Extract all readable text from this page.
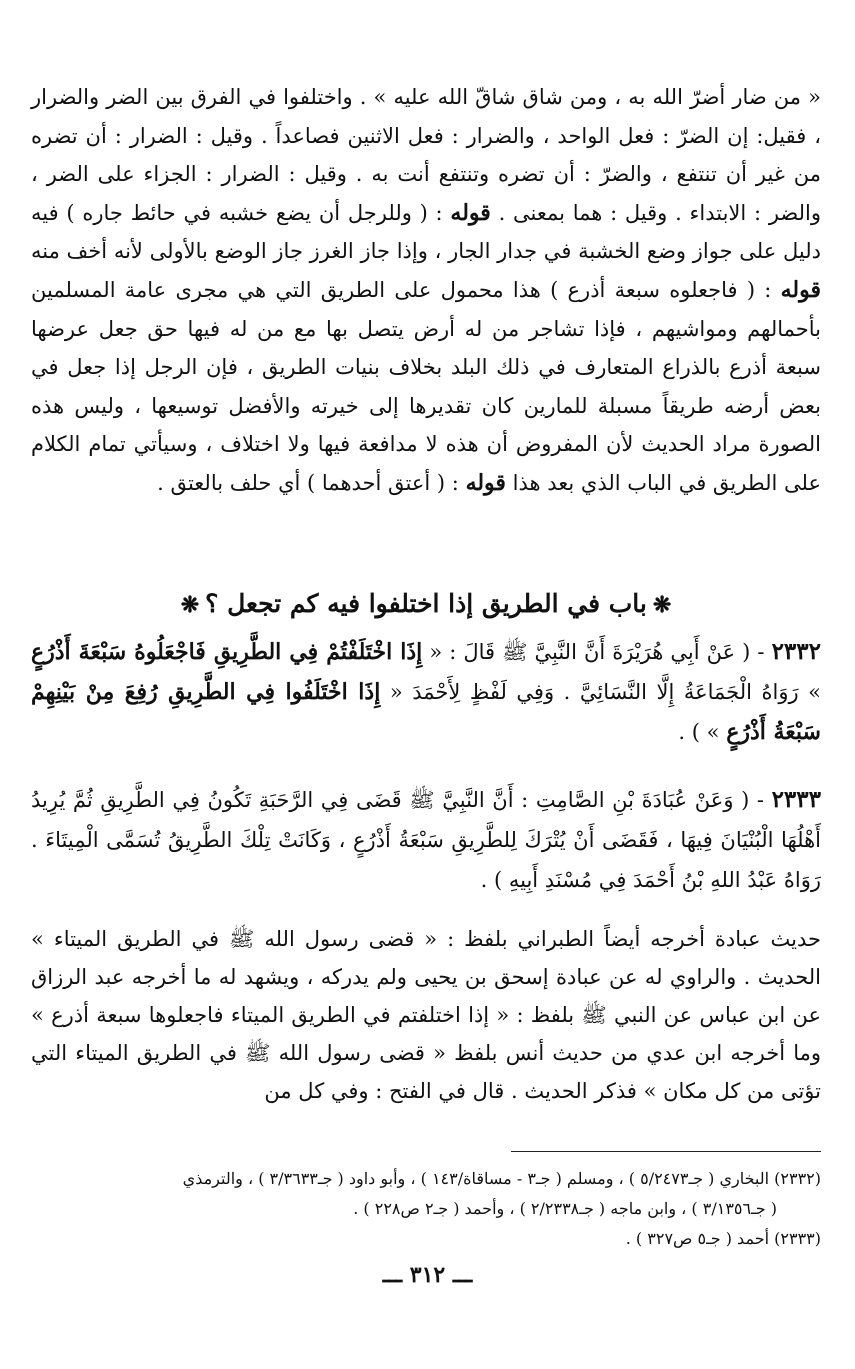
« من ضار أضرّ الله به ، ومن شاق شاقّ الله عليه » . واختلفوا في الفرق بين الضر والضرار ، فقيل: إن الضرّ : فعل الواحد ، والضرار : فعل الاثنين فصاعداً . وقيل : الضرار : أن تضره من غير أن تنتفع ، والضرّ : أن تضره وتنتفع أنت به . وقيل : الضرار : الجزاء على الضر ، والضر : الابتداء . وقيل : هما بمعنى . قوله : ( وللرجل أن يضع خشبه في حائط جاره ) فيه دليل على جواز وضع الخشبة في جدار الجار ، وإذا جاز الغرز جاز الوضع بالأولى لأنه أخف منه قوله : ( فاجعلوه سبعة أذرع ) هذا محمول على الطريق التي هي مجرى عامة المسلمين بأحمالهم ومواشيهم ، فإذا تشاجر من له أرض يتصل بها مع من له فيها حق جعل عرضها سبعة أذرع بالذراع المتعارف في ذلك البلد بخلاف بنيات الطريق ، فإن الرجل إذا جعل في بعض أرضه طريقاً مسبلة للمارين كان تقديرها إلى خيرته والأفضل توسيعها ، وليس هذه الصورة مراد الحديث لأن المفروض أن هذه لا مدافعة فيها ولا اختلاف ، وسيأتي تمام الكلام على الطريق في الباب الذي بعد هذا قوله : ( أعتق أحدهما ) أي حلف بالعتق .

❋باب في الطريق إذا اختلفوا فيه كم تجعل ؟❋

٢٣٣٢ - ( عَنْ أَبِي هُرَيْرَةَ أَنَّ النَّبِيَّ ﷺ قَالَ : « إِذَا اخْتَلَفْتُمْ فِي الطَّرِيقِ فَاجْعَلُوهُ سَبْعَةَ أَذْرُعٍ » رَوَاهُ الْجَمَاعَةُ إِلَّا النَّسَائِيَّ . وَفِي لَفْظٍ لِأَحْمَدَ « إِذَا اخْتَلَفُوا فِي الطَّرِيقِ رُفِعَ مِنْ بَيْنِهِمْ سَبْعَةُ أَذْرُعٍ » ) .

٢٣٣٣ - ( وَعَنْ عُبَادَةَ بْنِ الصَّامِتِ : أَنَّ النَّبِيَّ ﷺ قَضَى فِي الرَّحَبَةِ تَكُونُ فِي الطَّرِيقِ ثُمَّ يُرِيدُ أَهْلُهَا الْبُنْيَانَ فِيهَا ، فَقَضَى أَنْ يُتْرَكَ لِلطَّرِيقِ سَبْعَةُ أَذْرُعٍ ، وَكَانَتْ تِلْكَ الطَّرِيقُ تُسَمَّى الْمِيتَاءَ . رَوَاهُ عَبْدُ اللهِ بْنُ أَحْمَدَ فِي مُسْنَدِ أَبِيهِ ) .

حديث عبادة أخرجه أيضاً الطبراني بلفظ : « قضى رسول الله ﷺ في الطريق الميتاء » الحديث . والراوي له عن عبادة إسحق بن يحيى ولم يدركه ، ويشهد له ما أخرجه عبد الرزاق عن ابن عباس عن النبي ﷺ بلفظ : « إذا اختلفتم في الطريق الميتاء فاجعلوها سبعة أذرع » وما أخرجه ابن عدي من حديث أنس بلفظ « قضى رسول الله ﷺ في الطريق الميتاء التي تؤتى من كل مكان » فذكر الحديث . قال في الفتح : وفي كل من

(٢٣٣٢) البخاري ( جـ٥/٢٤٧٣ ) ، ومسلم ( جـ٣ - مساقاة/١٤٣ ) ، وأبو داود ( جـ٣/٣٦٣٣ ) ، والترمذي
( جـ٣/١٣٥٦ ) ، وابن ماجه ( جـ٢/٢٣٣٨ ) ، وأحمد ( جـ٢ ص٢٢٨ ) .
(٢٣٣٣) أحمد ( جـ٥ ص٣٢٧ ) .
ـــ ٣١٢ ـــ
